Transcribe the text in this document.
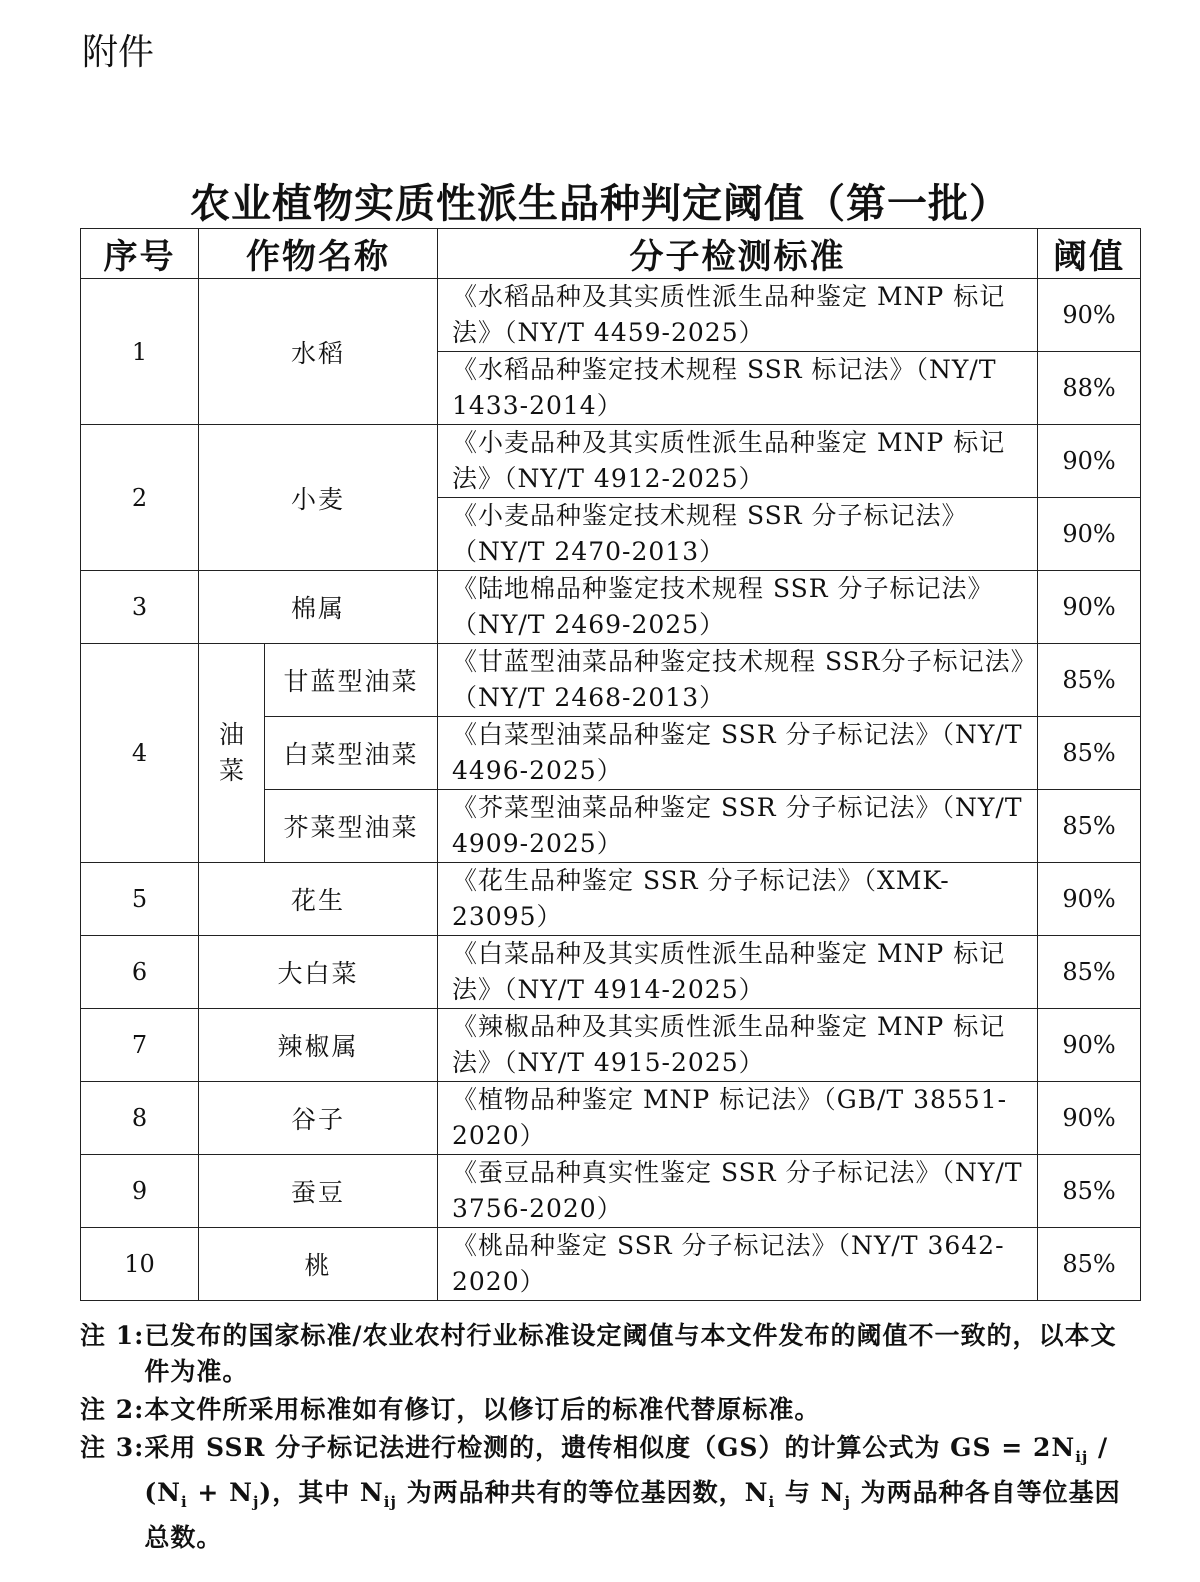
附件
农业植物实质性派生品种判定阈值（第一批）
序号	作物名称		分子检测标准	阈值
1	水稻		《水稻品种及其实质性派生品种鉴定 MNP 标记法》（NY/T 4459-2025）	90%
			《水稻品种鉴定技术规程 SSR 标记法》（NY/T 1433-2014）	88%
2	小麦		《小麦品种及其实质性派生品种鉴定 MNP 标记法》（NY/T 4912-2025）	90%
			《小麦品种鉴定技术规程 SSR 分子标记法》（NY/T 2470-2013）	90%
3	棉属		《陆地棉品种鉴定技术规程 SSR 分子标记法》（NY/T 2469-2025）	90%
4	油菜	甘蓝型油菜	《甘蓝型油菜品种鉴定技术规程 SSR分子标记法》（NY/T 2468-2013）	85%
		白菜型油菜	《白菜型油菜品种鉴定 SSR 分子标记法》（NY/T 4496-2025）	85%
		芥菜型油菜	《芥菜型油菜品种鉴定 SSR 分子标记法》（NY/T 4909-2025）	85%
5	花生		《花生品种鉴定 SSR 分子标记法》（XMK-23095）	90%
6	大白菜		《白菜品种及其实质性派生品种鉴定 MNP 标记法》（NY/T 4914-2025）	85%
7	辣椒属		《辣椒品种及其实质性派生品种鉴定 MNP 标记法》（NY/T 4915-2025）	90%
8	谷子		《植物品种鉴定 MNP 标记法》（GB/T 38551-2020）	90%
9	蚕豆		《蚕豆品种真实性鉴定 SSR 分子标记法》（NY/T 3756-2020）	85%
10	桃		《桃品种鉴定 SSR 分子标记法》（NY/T 3642-2020）	85%
注 1: 已发布的国家标准/农业农村行业标准设定阈值与本文件发布的阈值不一致的，以本文件为准。
注 2: 本文件所采用标准如有修订，以修订后的标准代替原标准。
注 3: 采用 SSR 分子标记法进行检测的，遗传相似度（GS）的计算公式为 GS = $2N_{ij} / (N_i + N_j)$，其中 $N_{ij}$ 为两品种共有的等位基因数，$N_i$ 与 $N_j$ 为两品种各自等位基因总数。
